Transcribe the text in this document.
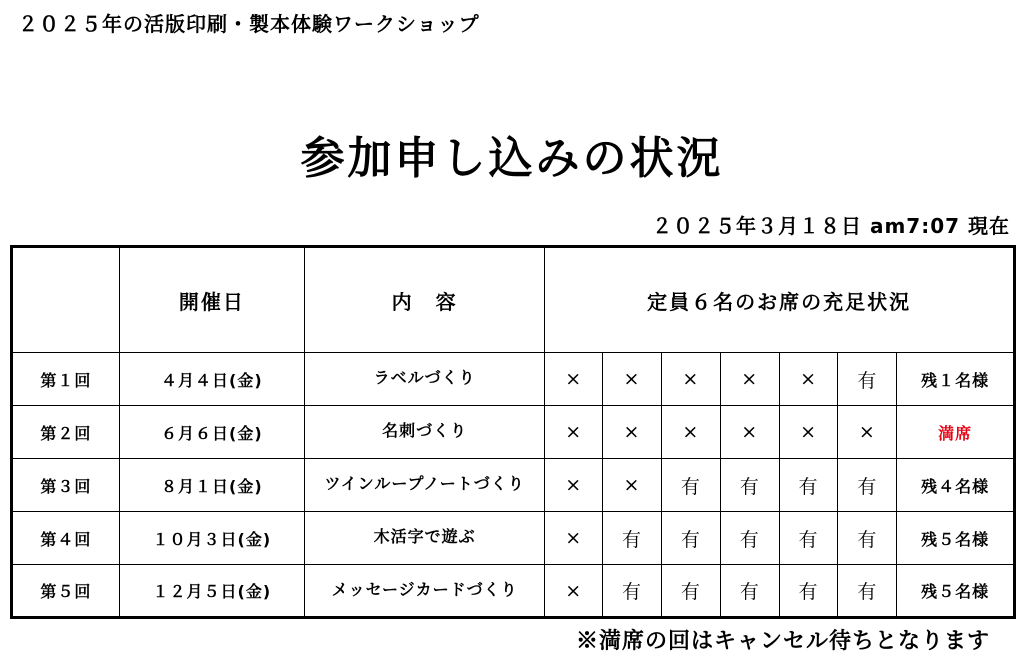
２０２５年の活版印刷・製本体験ワークショップ
参加申し込みの状況
２０２５年３月１８日 am7:07 現在
	開催日	内　容	定員６名のお席の充足状況						
第１回	４月４日(金)	ラベルづくり	×	×	×	×	×	有	残１名様
第２回	６月６日(金)	名刺づくり	×	×	×	×	×	×	満席
第３回	８月１日(金)	ツインループノートづくり	×	×	有	有	有	有	残４名様
第４回	１０月３日(金)	木活字で遊ぶ	×	有	有	有	有	有	残５名様
第５回	１２月５日(金)	メッセージカードづくり	×	有	有	有	有	有	残５名様
※満席の回はキャンセル待ちとなります
